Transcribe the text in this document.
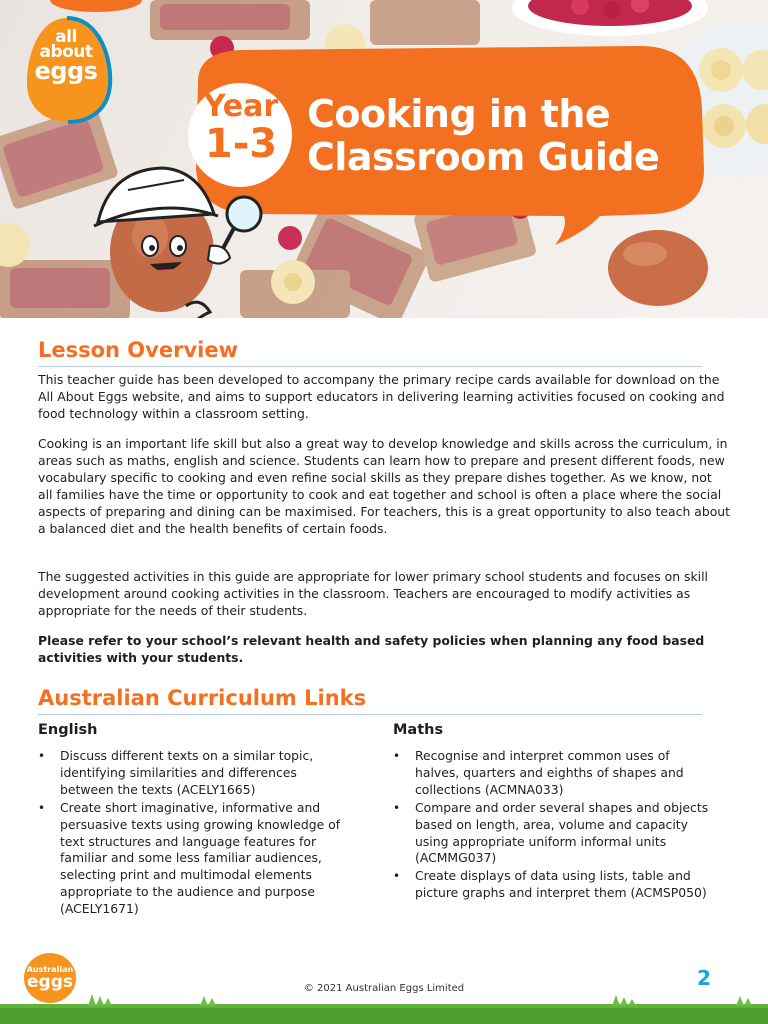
all
about

eggs
Year
1-3
Cooking in the
Classroom Guide
Lesson Overview

This teacher guide has been developed to accompany the primary recipe cards available for download on the All About Eggs website, and aims to support educators in delivering learning activities focused on cooking and food technology within a classroom setting.

Cooking is an important life skill but also a great way to develop knowledge and skills across the curriculum, in areas such as maths, english and science. Students can learn how to prepare and present different foods, new vocabulary specific to cooking and even refine social skills as they prepare dishes together. As we know, not all families have the time or opportunity to cook and eat together and school is often a place where the social aspects of preparing and dining can be maximised. For teachers, this is a great opportunity to also teach about a balanced diet and the health benefits of certain foods.

The suggested activities in this guide are appropriate for lower primary school students and focuses on skill development around cooking activities in the classroom. Teachers are encouraged to modify activities as appropriate for the needs of their students.

Please refer to your school’s relevant health and safety policies when planning any food based activities with your students.

Australian Curriculum Links
English
• Discuss different texts on a similar topic, identifying similarities and differences between the texts (ACELY1665)
• Create short imaginative, informative and persuasive texts using growing knowledge of text structures and language features for familiar and some less familiar audiences, selecting print and multimodal elements appropriate to the audience and purpose (ACELY1671)
Maths
• Recognise and interpret common uses of halves, quarters and eighths of shapes and collections (ACMNA033)
• Compare and order several shapes and objects based on length, area, volume and capacity using appropriate uniform informal units (ACMMG037)
• Create displays of data using lists, table and picture graphs and interpret them (ACMSP050)
Australian
eggs	© 2021 Australian Eggs Limited	2
